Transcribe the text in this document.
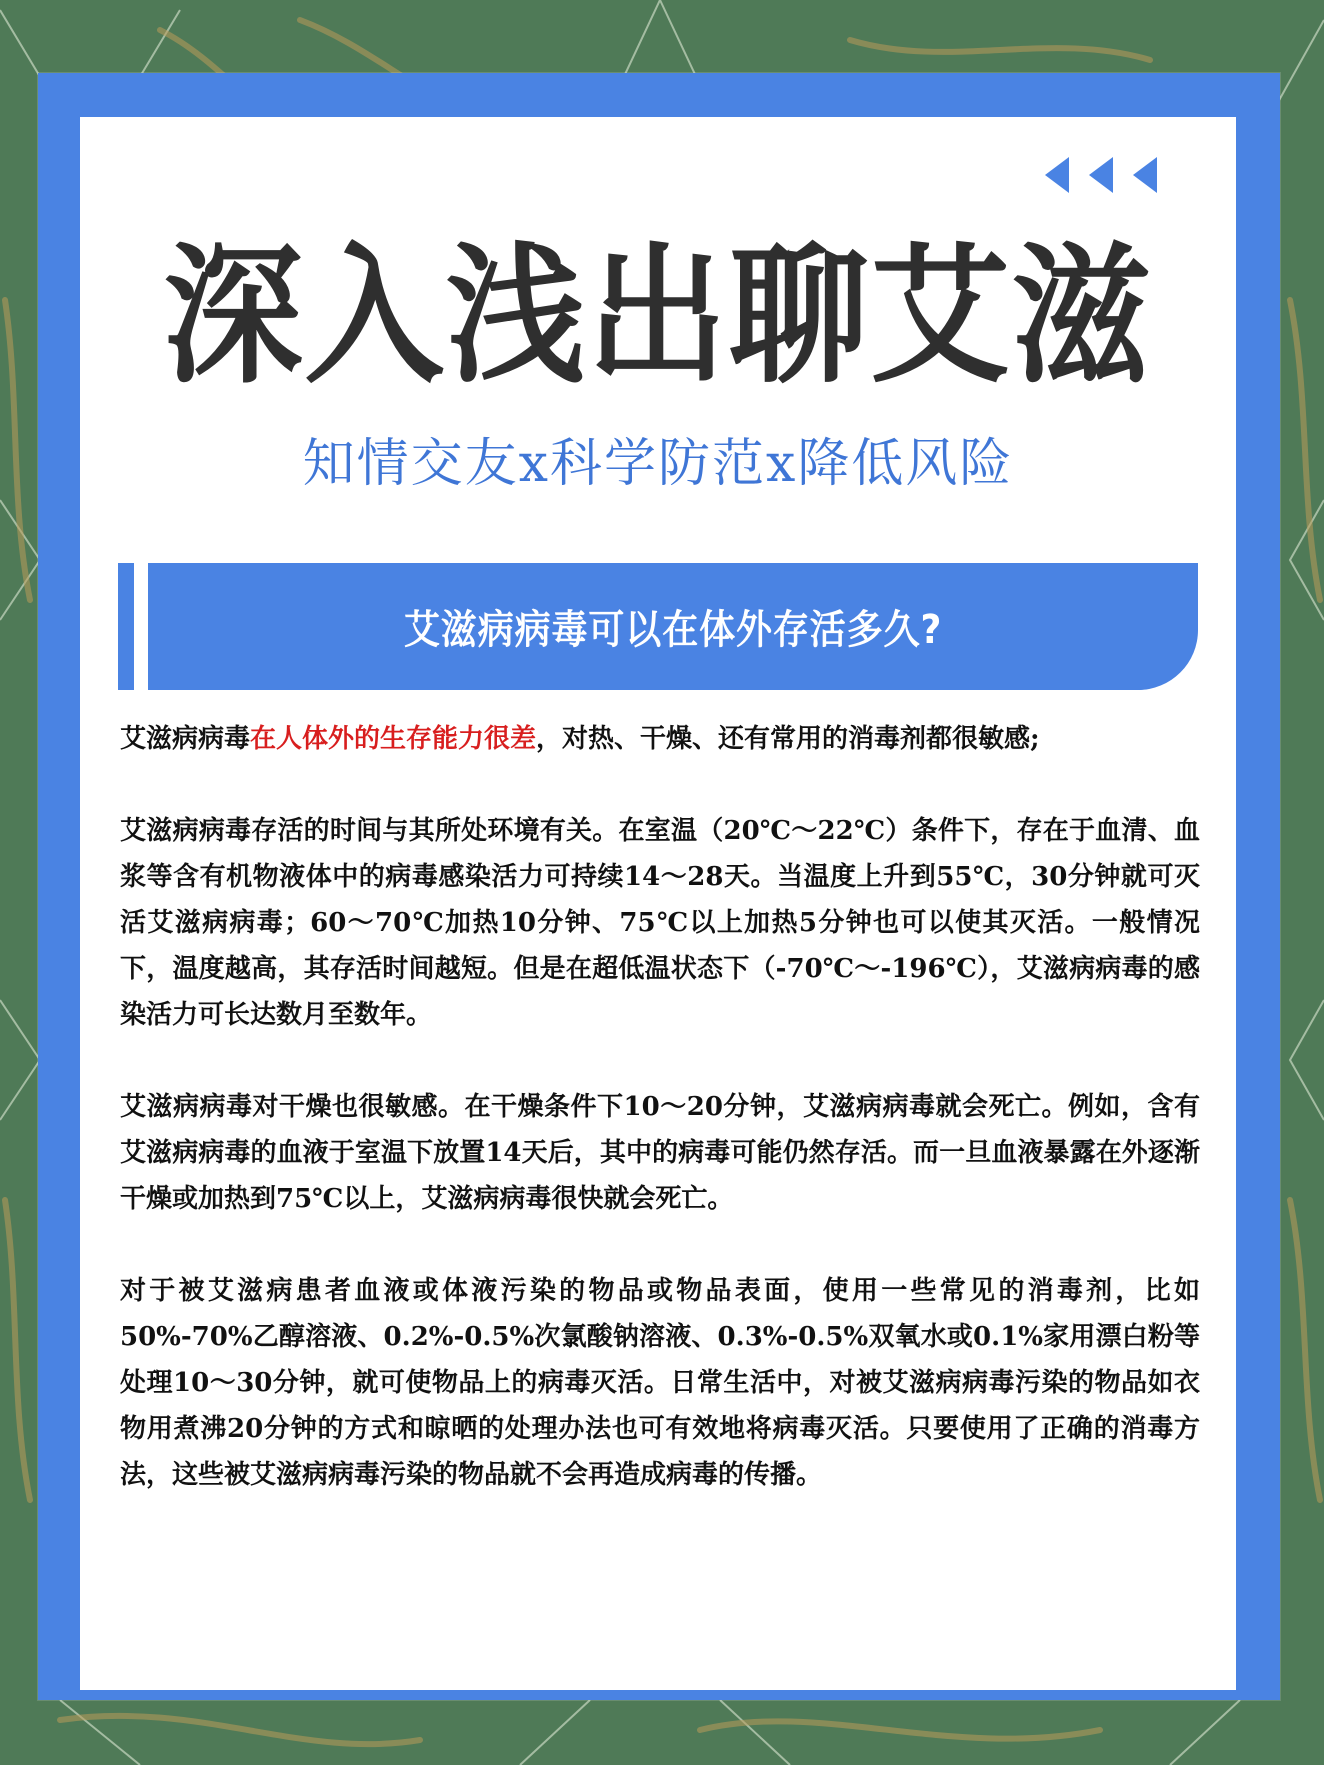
深入浅出聊艾滋
知情交友x科学防范x降低风险
艾滋病病毒可以在体外存活多久?

艾滋病病毒在人体外的生存能力很差，对热、干燥、还有常用的消毒剂都很敏感;

艾滋病病毒存活的时间与其所处环境有关。在室温（20℃～22℃）条件下，存在于血清、血浆等含有机物液体中的病毒感染活力可持续14～28天。当温度上升到55℃，30分钟就可灭活艾滋病病毒；60～70℃加热10分钟、75℃以上加热5分钟也可以使其灭活。一般情况下，温度越高，其存活时间越短。但是在超低温状态下（-70℃～-196℃），艾滋病病毒的感染活力可长达数月至数年。

艾滋病病毒对干燥也很敏感。在干燥条件下10～20分钟，艾滋病病毒就会死亡。例如，含有艾滋病病毒的血液于室温下放置14天后，其中的病毒可能仍然存活。而一旦血液暴露在外逐渐干燥或加热到75℃以上，艾滋病病毒很快就会死亡。

对于被艾滋病患者血液或体液污染的物品或物品表面，使用一些常见的消毒剂，比如50%-70%乙醇溶液、0.2%-0.5%次氯酸钠溶液、0.3%-0.5%双氧水或0.1%家用漂白粉等处理10～30分钟，就可使物品上的病毒灭活。日常生活中，对被艾滋病病毒污染的物品如衣物用煮沸20分钟的方式和晾晒的处理办法也可有效地将病毒灭活。只要使用了正确的消毒方法，这些被艾滋病病毒污染的物品就不会再造成病毒的传播。
